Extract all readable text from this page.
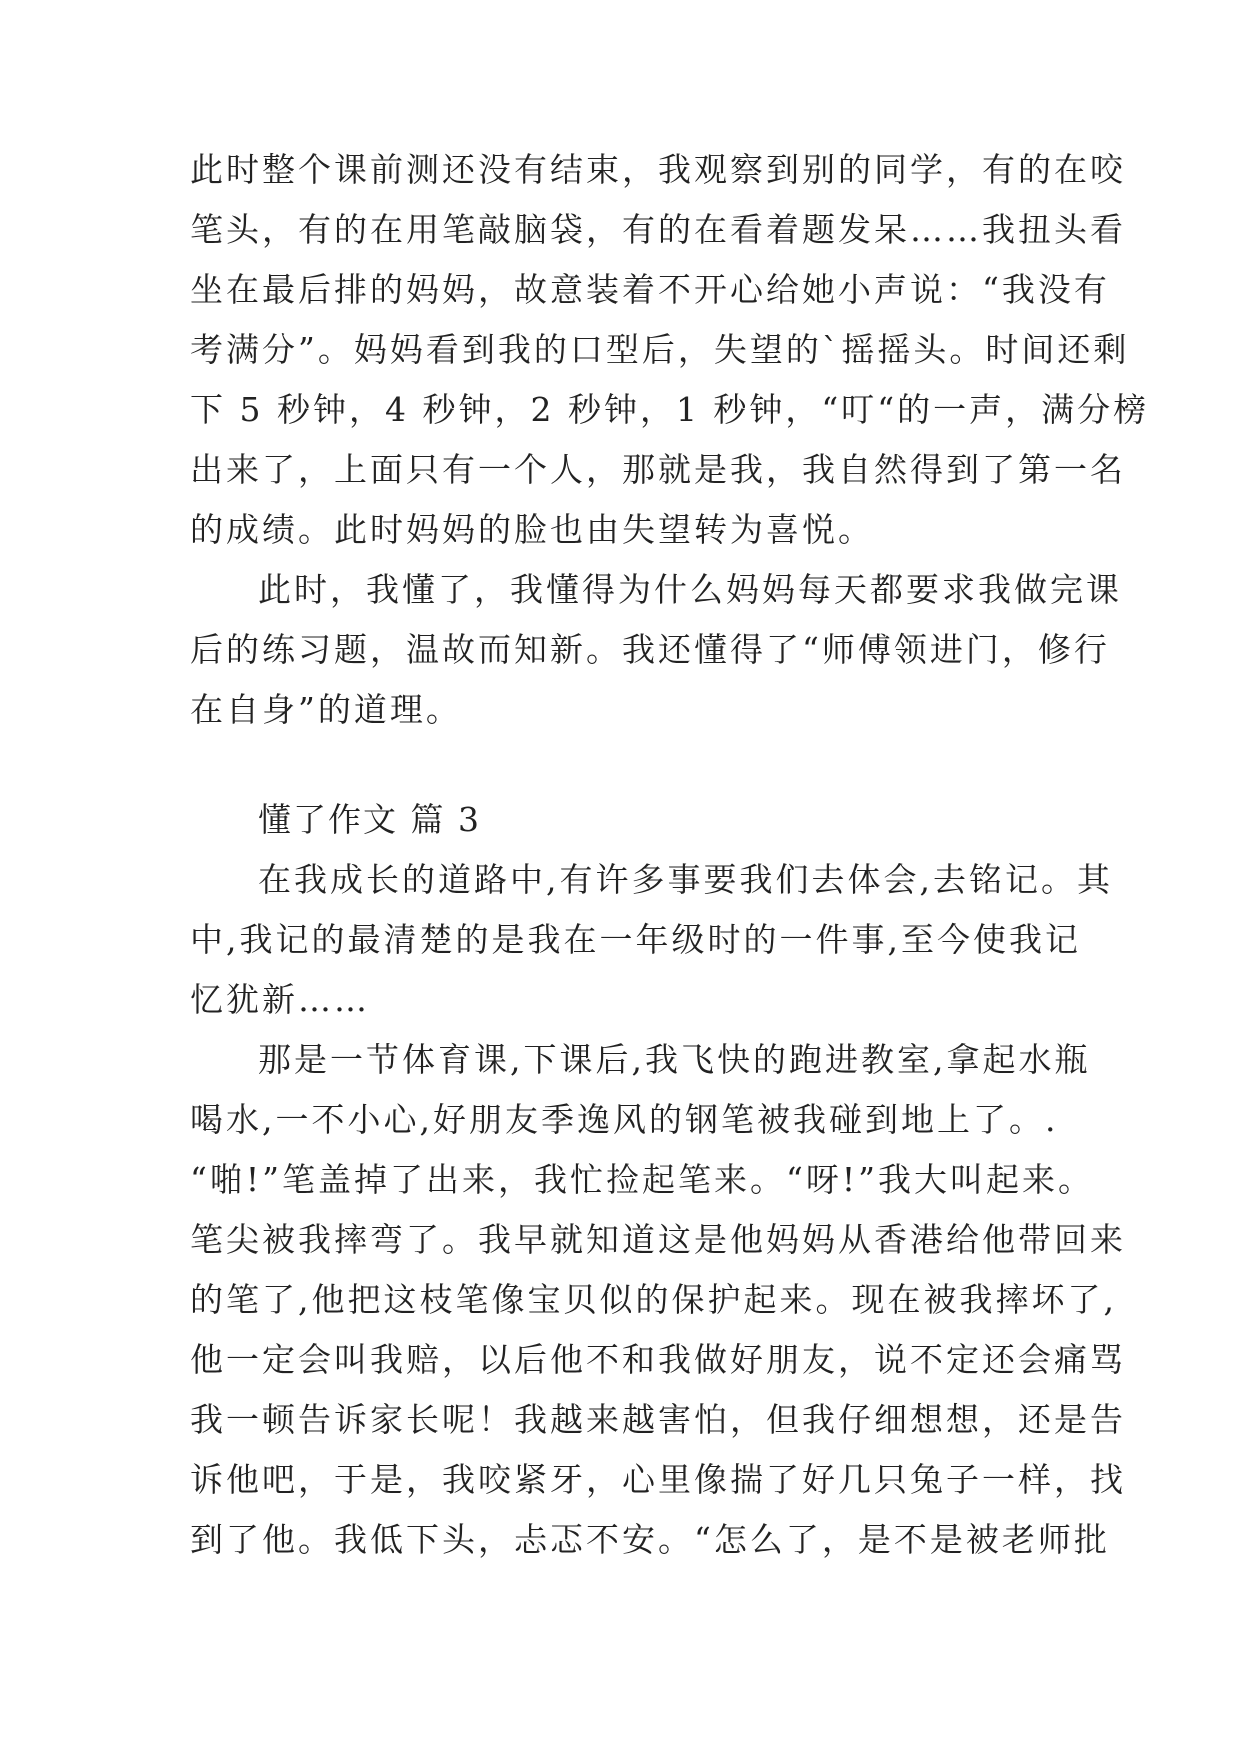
此时整个课前测还没有结束，我观察到别的同学，有的在咬
笔头，有的在用笔敲脑袋，有的在看着题发呆……我扭头看
坐在最后排的妈妈，故意装着不开心给她小声说：“我没有
考满分”。妈妈看到我的口型后，失望的`摇摇头。时间还剩
下 5 秒钟，4 秒钟，2 秒钟，1 秒钟，“叮“的一声，满分榜
出来了，上面只有一个人，那就是我，我自然得到了第一名
的成绩。此时妈妈的脸也由失望转为喜悦。
此时，我懂了，我懂得为什么妈妈每天都要求我做完课
后的练习题，温故而知新。我还懂得了“师傅领进门，修行
在自身”的道理。
懂了作文 篇 3
在我成长的道路中,有许多事要我们去体会,去铭记。其
中,我记的最清楚的是我在一年级时的一件事,至今使我记
忆犹新……
那是一节体育课,下课后,我飞快的跑进教室,拿起水瓶
喝水,一不小心,好朋友季逸风的钢笔被我碰到地上了。.
“啪!”笔盖掉了出来，我忙捡起笔来。“呀!”我大叫起来。
笔尖被我摔弯了。我早就知道这是他妈妈从香港给他带回来
的笔了,他把这枝笔像宝贝似的保护起来。现在被我摔坏了,
他一定会叫我赔，以后他不和我做好朋友，说不定还会痛骂
我一顿告诉家长呢！我越来越害怕，但我仔细想想，还是告
诉他吧，于是，我咬紧牙，心里像揣了好几只兔子一样，找
到了他。我低下头，忐忑不安。“怎么了，是不是被老师批
